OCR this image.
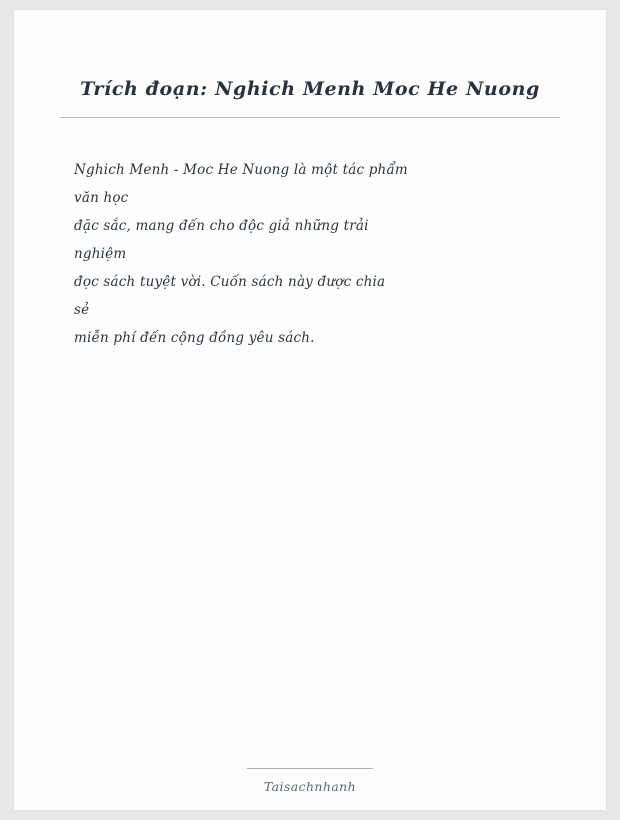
Trích đoạn: Nghich Menh Moc He Nuong
Nghich Menh - Moc He Nuong là một tác phẩm
văn học
đặc sắc, mang đến cho độc giả những trải
nghiệm
đọc sách tuyệt vời. Cuốn sách này được chia
sẻ
miễn phí đến cộng đồng yêu sách.
Taisachnhanh
